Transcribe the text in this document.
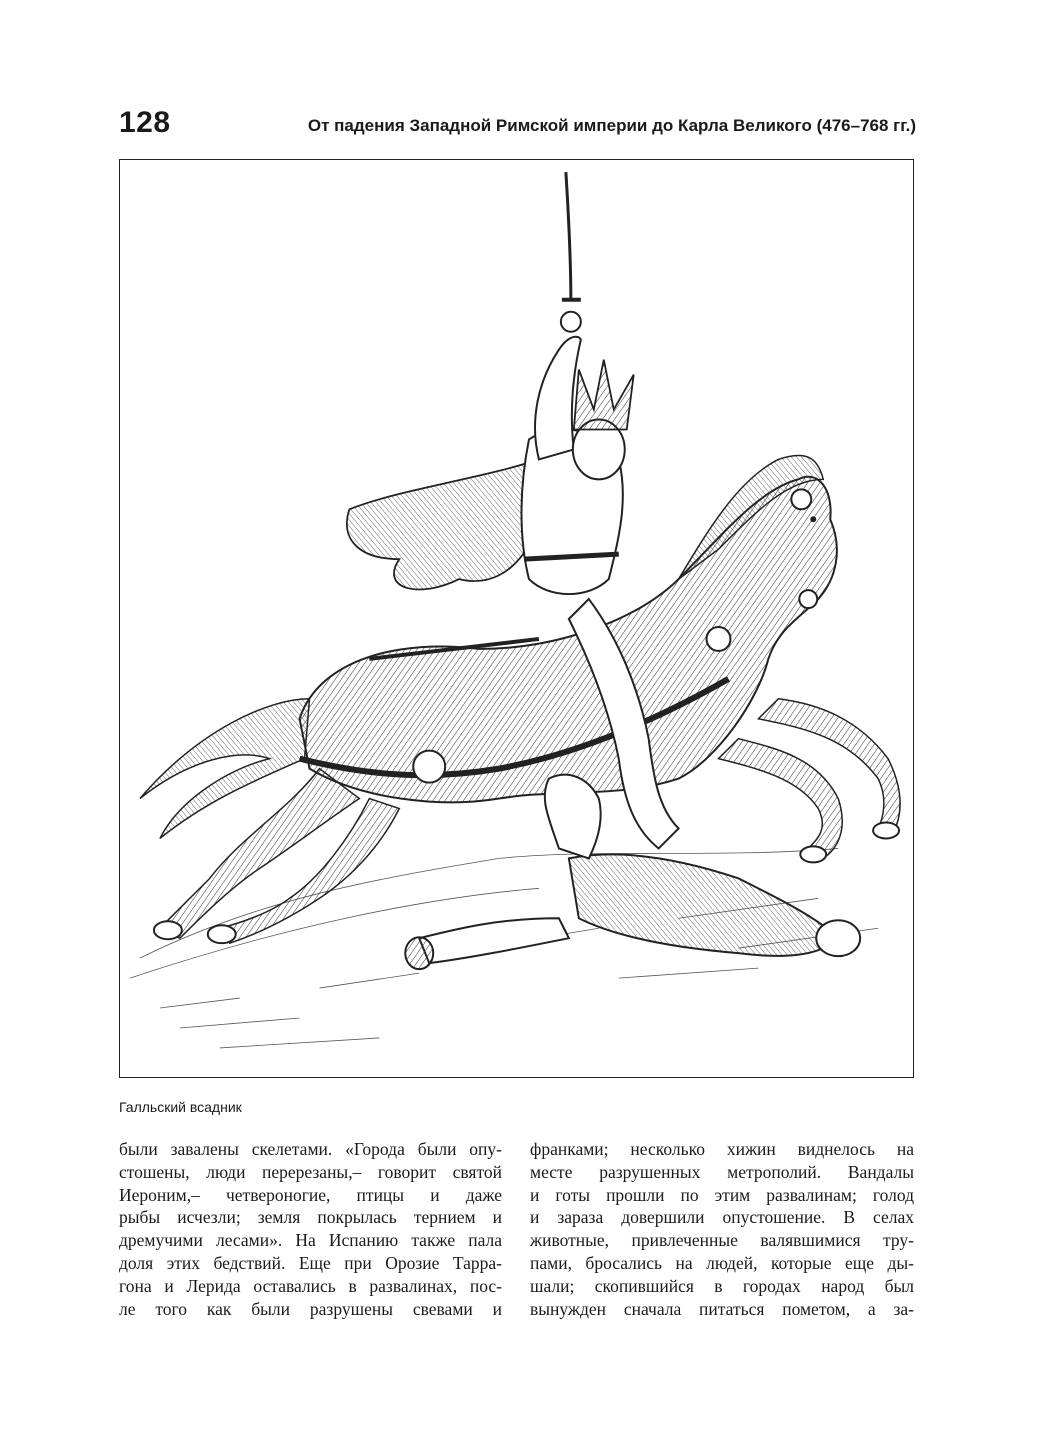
128	От падения Западной Римской империи до Карла Великого (476–768 гг.)
Галльский всадник
были завалены скелетами. «Города были опу-
стошены, люди перерезаны,– говорит святой
Иероним,– четвероногие, птицы и даже
рыбы исчезли; земля покрылась тернием и
дремучими лесами». На Испанию также пала
доля этих бедствий. Еще при Орозие Тарра-
гона и Лерида оставались в развалинах, пос-
ле того как были разрушены свевами и
франками; несколько хижин виднелось на
месте разрушенных метрополий. Вандалы
и готы прошли по этим развалинам; голод
и зараза довершили опустошение. В селах
животные, привлеченные валявшимися тру-
пами, бросались на людей, которые еще ды-
шали; скопившийся в городах народ был
вынужден сначала питаться пометом, а за-
